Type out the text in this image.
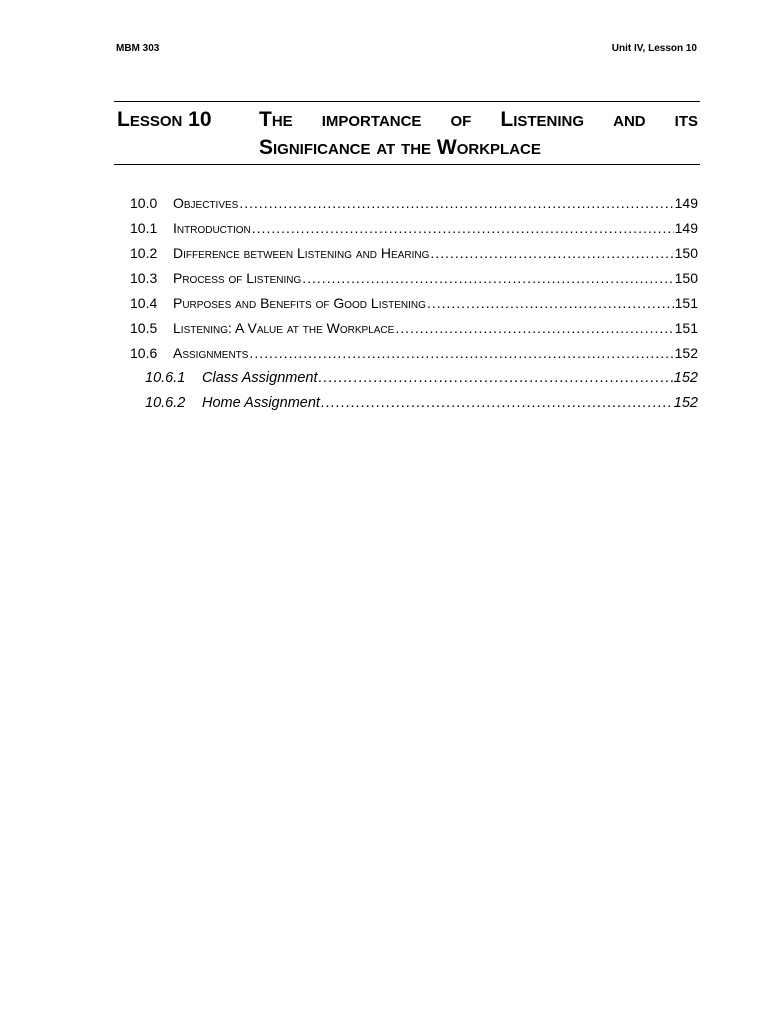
MBM 303	Unit IV, Lesson 10
Lesson 10	The importance of Listening and its Significance at the Workplace
10.0	Objectives .....	149
10.1	Introduction .....	149
10.2	Difference between Listening and Hearing .....	150
10.3	Process of Listening .....	150
10.4	Purposes and Benefits of Good Listening .....	151
10.5	Listening: A Value at the Workplace .....	151
10.6	Assignments .....	152
10.6.1	Class Assignment .....	152
10.6.2	Home Assignment .....	152
